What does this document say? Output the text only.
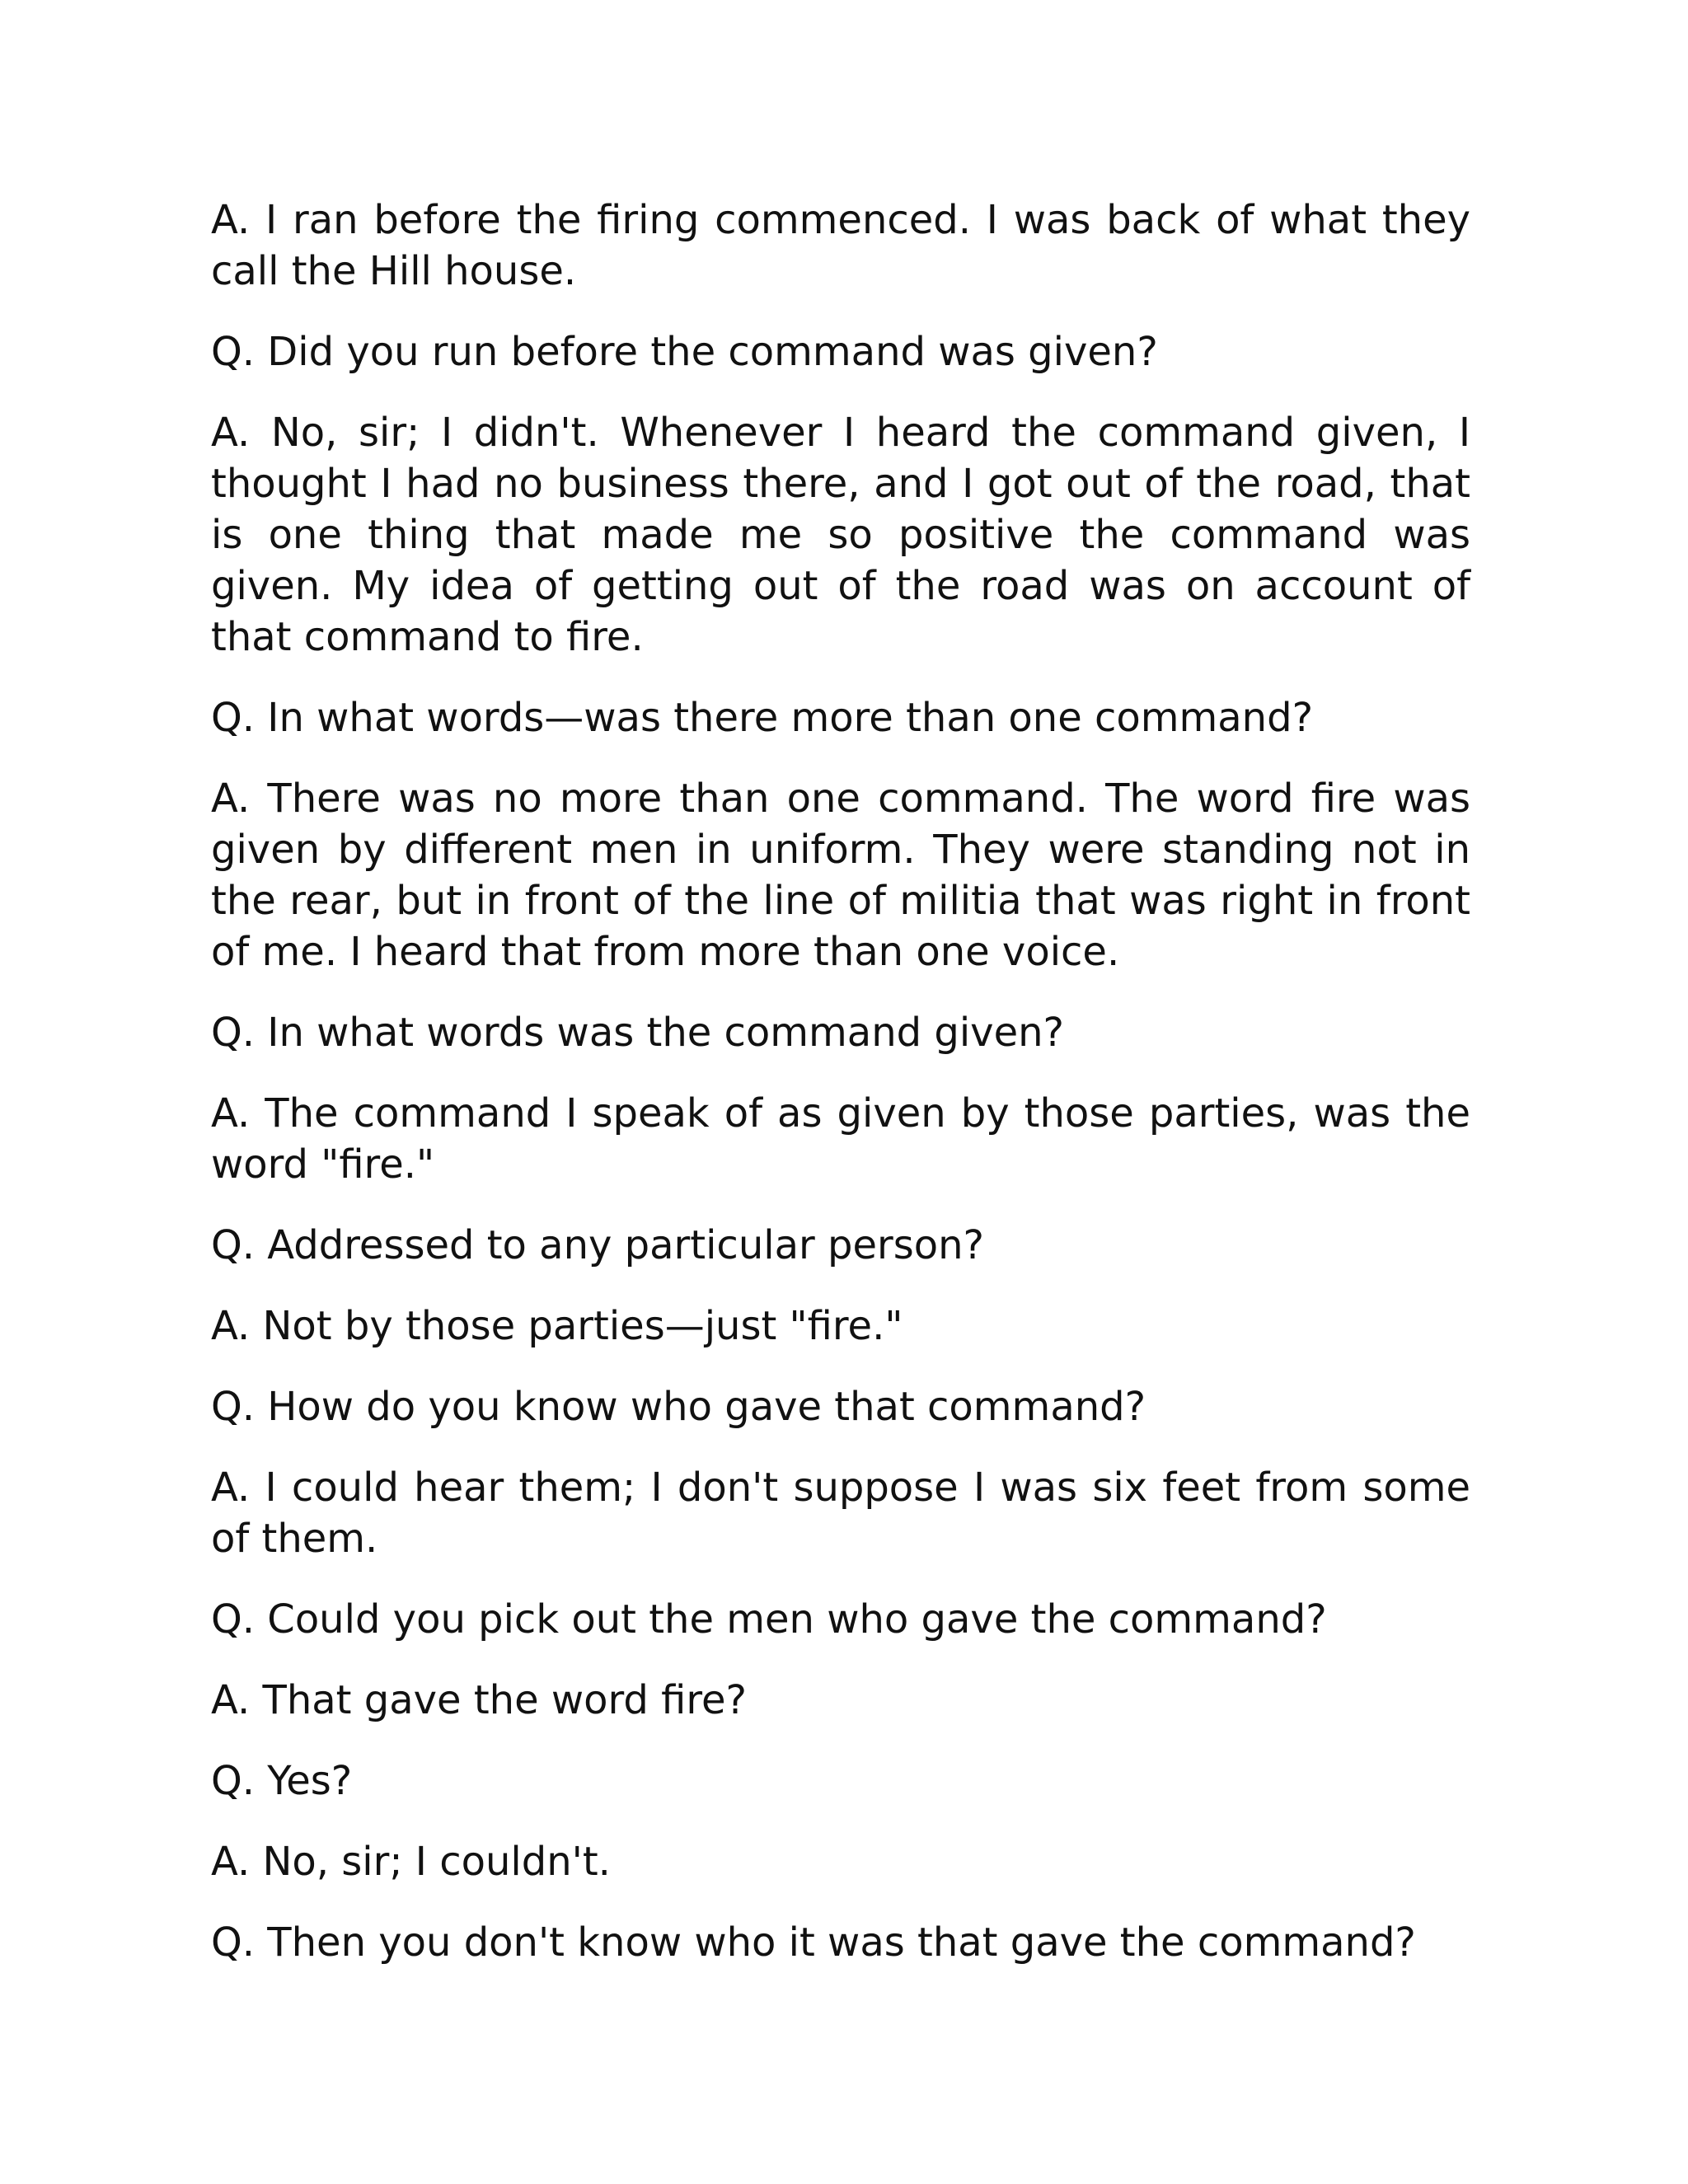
A. I ran before the firing commenced. I was back of what they call the Hill house.

Q. Did you run before the command was given?

A. No, sir; I didn't. Whenever I heard the command given, I thought I had no business there, and I got out of the road, that is one thing that made me so positive the command was given. My idea of getting out of the road was on account of that command to fire.

Q. In what words—was there more than one command?

A. There was no more than one command. The word fire was given by different men in uniform. They were standing not in the rear, but in front of the line of militia that was right in front of me. I heard that from more than one voice.

Q. In what words was the command given?

A. The command I speak of as given by those parties, was the word "fire."

Q. Addressed to any particular person?

A. Not by those parties—just "fire."

Q. How do you know who gave that command?

A. I could hear them; I don't suppose I was six feet from some of them.

Q. Could you pick out the men who gave the command?

A. That gave the word fire?

Q. Yes?

A. No, sir; I couldn't.

Q. Then you don't know who it was that gave the command?
